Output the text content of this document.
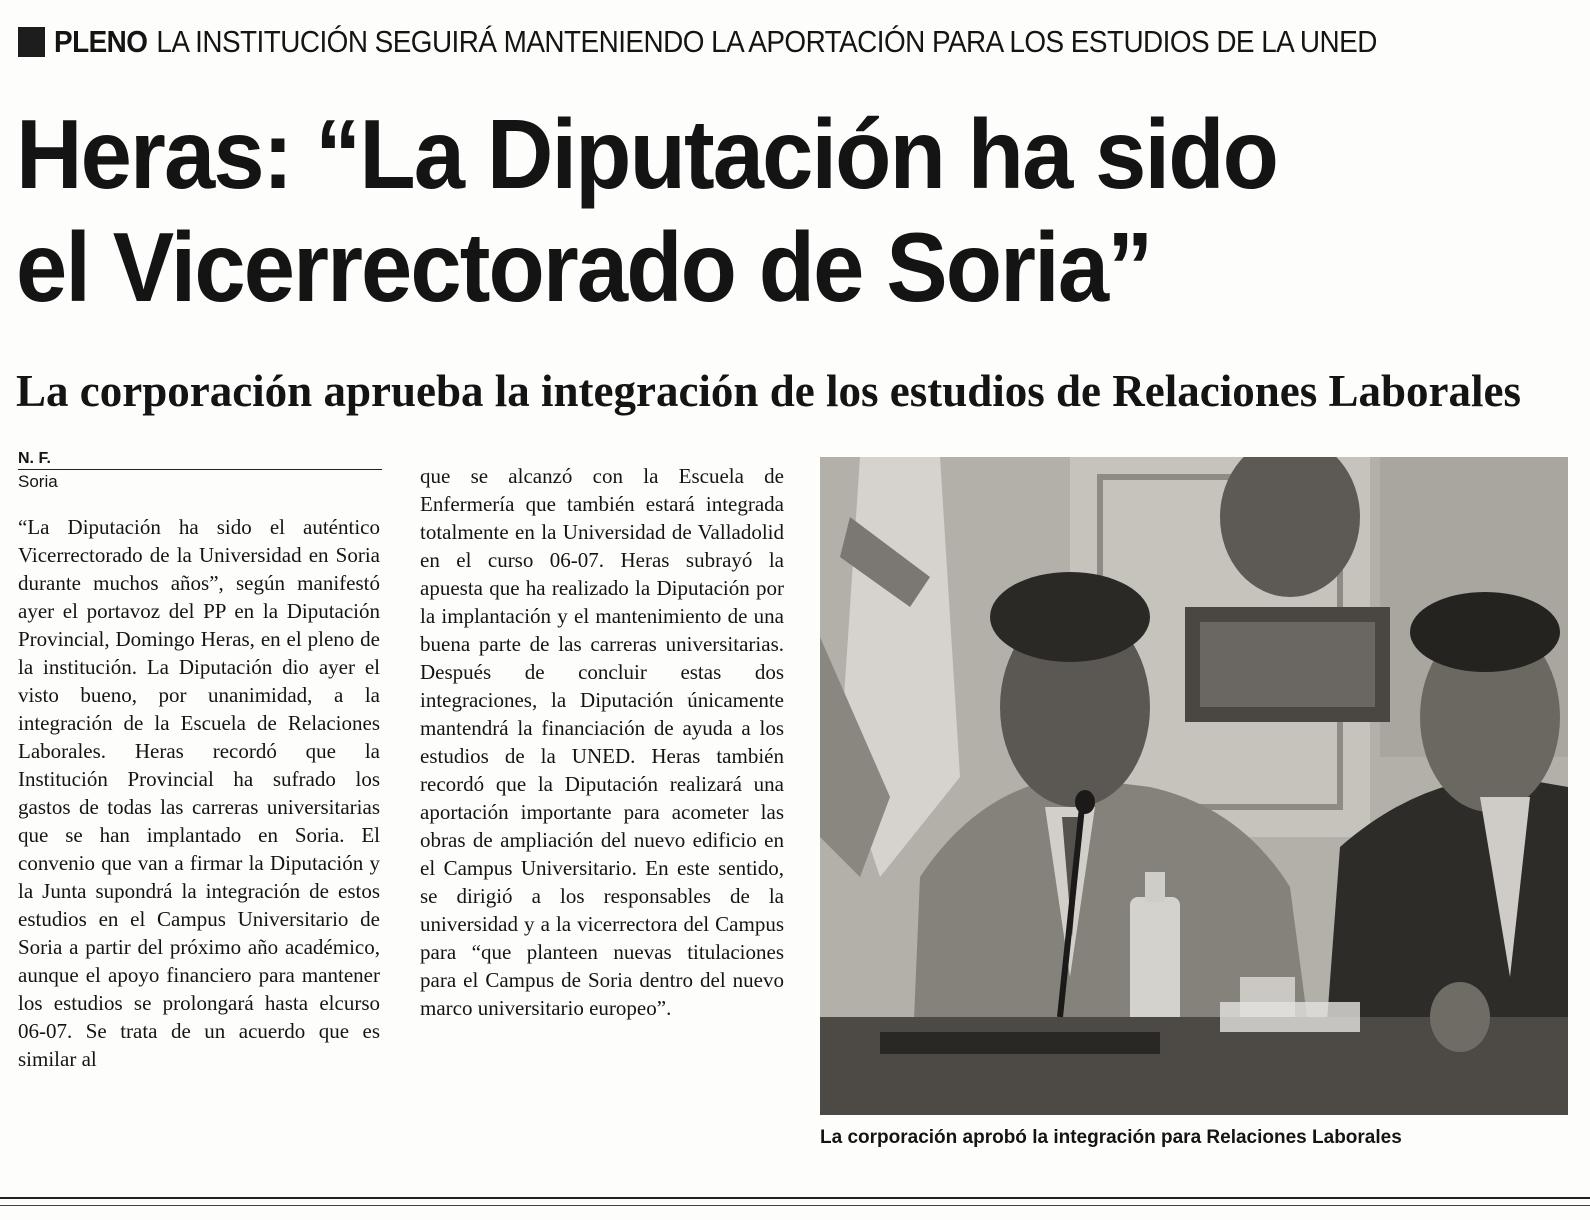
PLENO LA INSTITUCIÓN SEGUIRÁ MANTENIENDO LA APORTACIÓN PARA LOS ESTUDIOS DE LA UNED
Heras: “La Diputación ha sido
el Vicerrectorado de Soria”
La corporación aprueba la integración de los estudios de Relaciones Laborales
N. F.
Soria

“La Diputación ha sido el auténtico Vicerrectorado de la Universidad en Soria durante muchos años”, según manifestó ayer el portavoz del PP en la Diputación Provincial, Domingo Heras, en el pleno de la institución. La Diputación dio ayer el visto bueno, por unanimidad, a la integración de la Escuela de Relaciones Laborales. Heras recordó que la Institución Provincial ha sufrado los gastos de todas las carreras universitarias que se han implantado en Soria. El convenio que van a firmar la Diputación y la Junta supondrá la integración de estos estudios en el Campus Universitario de Soria a partir del próximo año académico, aunque el apoyo financiero para mantener los estudios se prolongará hasta elcurso 06-07. Se trata de un acuerdo que es similar al

que se alcanzó con la Escuela de Enfermería que también estará integrada totalmente en la Universidad de Valladolid en el curso 06-07. Heras subrayó la apuesta que ha realizado la Diputación por la implantación y el mantenimiento de una buena parte de las carreras universitarias. Después de concluir estas dos integraciones, la Diputación únicamente mantendrá la financiación de ayuda a los estudios de la UNED. Heras también recordó que la Diputación realizará una aportación importante para acometer las obras de ampliación del nuevo edificio en el Campus Universitario. En este sentido, se dirigió a los responsables de la universidad y a la vicerrectora del Campus para “que planteen nuevas titulaciones para el Campus de Soria dentro del nuevo marco universitario europeo”.

La corporación aprobó la integración para Relaciones Laborales
